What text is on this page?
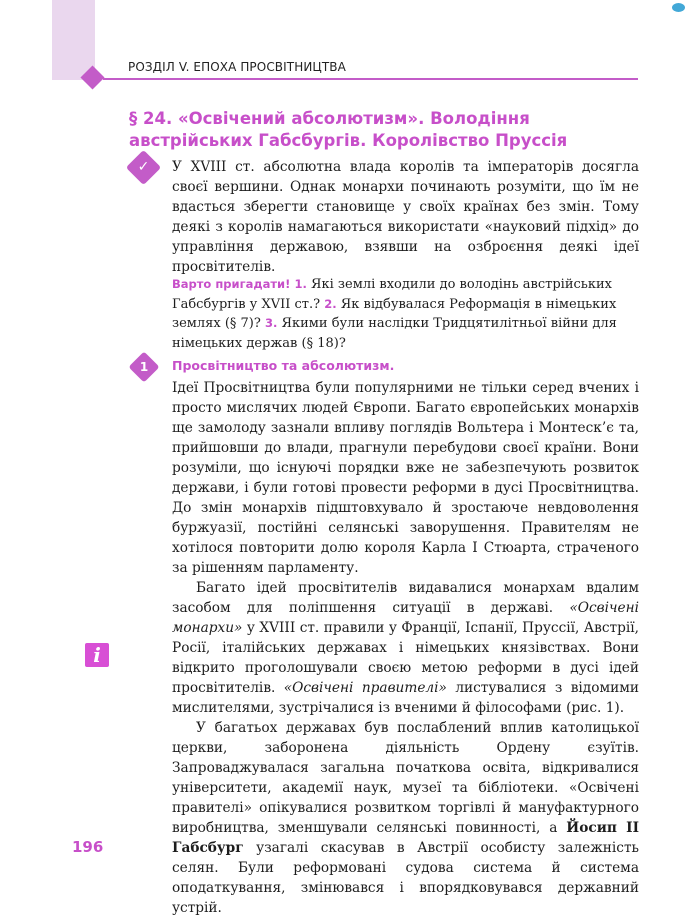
РОЗДІЛ V. ЕПОХА ПРОСВІТНИЦТВА
§ 24. «Освічений абсолютизм». Володіння австрійських Габсбургів. Королівство Пруссія
✓	У XVIII ст. абсолютна влада королів та імператорів досягла своєї вершини. Однак монархи починають розуміти, що їм не вдасться зберегти становище у своїх країнах без змін. Тому деякі з королів намагаються використати «науковий підхід» до управління державою, взявши на озброєння деякі ідеї просвітителів.

Варто пригадати! 1. Які землі входили до володінь австрійських Габсбургів у XVII ст.? 2. Як відбувалася Реформація в німецьких землях (§ 7)? 3. Якими були наслідки Тридцятилітньої війни для німецьких держав (§ 18)?

1	Просвітництво та абсолютизм.

Ідеї Просвітництва були популярними не тільки серед вчених і просто мислячих людей Європи. Багато європейських монархів ще замолоду зазнали впливу поглядів Вольтера і Монтеск’є та, прийшовши до влади, прагнули перебудови своєї країни. Вони розуміли, що існуючі порядки вже не забезпечують розвиток держави, і були готові провести реформи в дусі Просвітництва. До змін монархів підштовхувало й зростаюче невдоволення буржуазії, постійні селянські заворушення. Правителям не хотілося повторити долю короля Карла І Стюарта, страченого за рішенням парламенту.

Багато ідей просвітителів видавалися монархам вдалим засобом для поліпшення ситуації в державі. «Освічені монархи» у XVIII ст. правили у Франції, Іспанії, Пруссії, Австрії, Росії, італійських державах і німецьких князівствах. Вони відкрито проголошували своєю метою реформи в дусі ідей просвітителів. «Освічені правителі» листувалися з відомими мислителями, зустрічалися із вченими й філософами (рис. 1).

У багатьох державах був послаблений вплив католицької церкви, заборонена діяльність Ордену єзуїтів. Запроваджувалася загальна початкова освіта, відкривалися університети, академії наук, музеї та бібліотеки. «Освічені правителі» опікувалися розвитком торгівлі й мануфактурного виробництва, зменшували селянські повинності, а Йосип ІІ Габсбург узагалі скасував в Австрії особисту залежність селян. Були реформовані судова система й система оподаткування, змінювався і впорядковувався державний устрій.

i
196
